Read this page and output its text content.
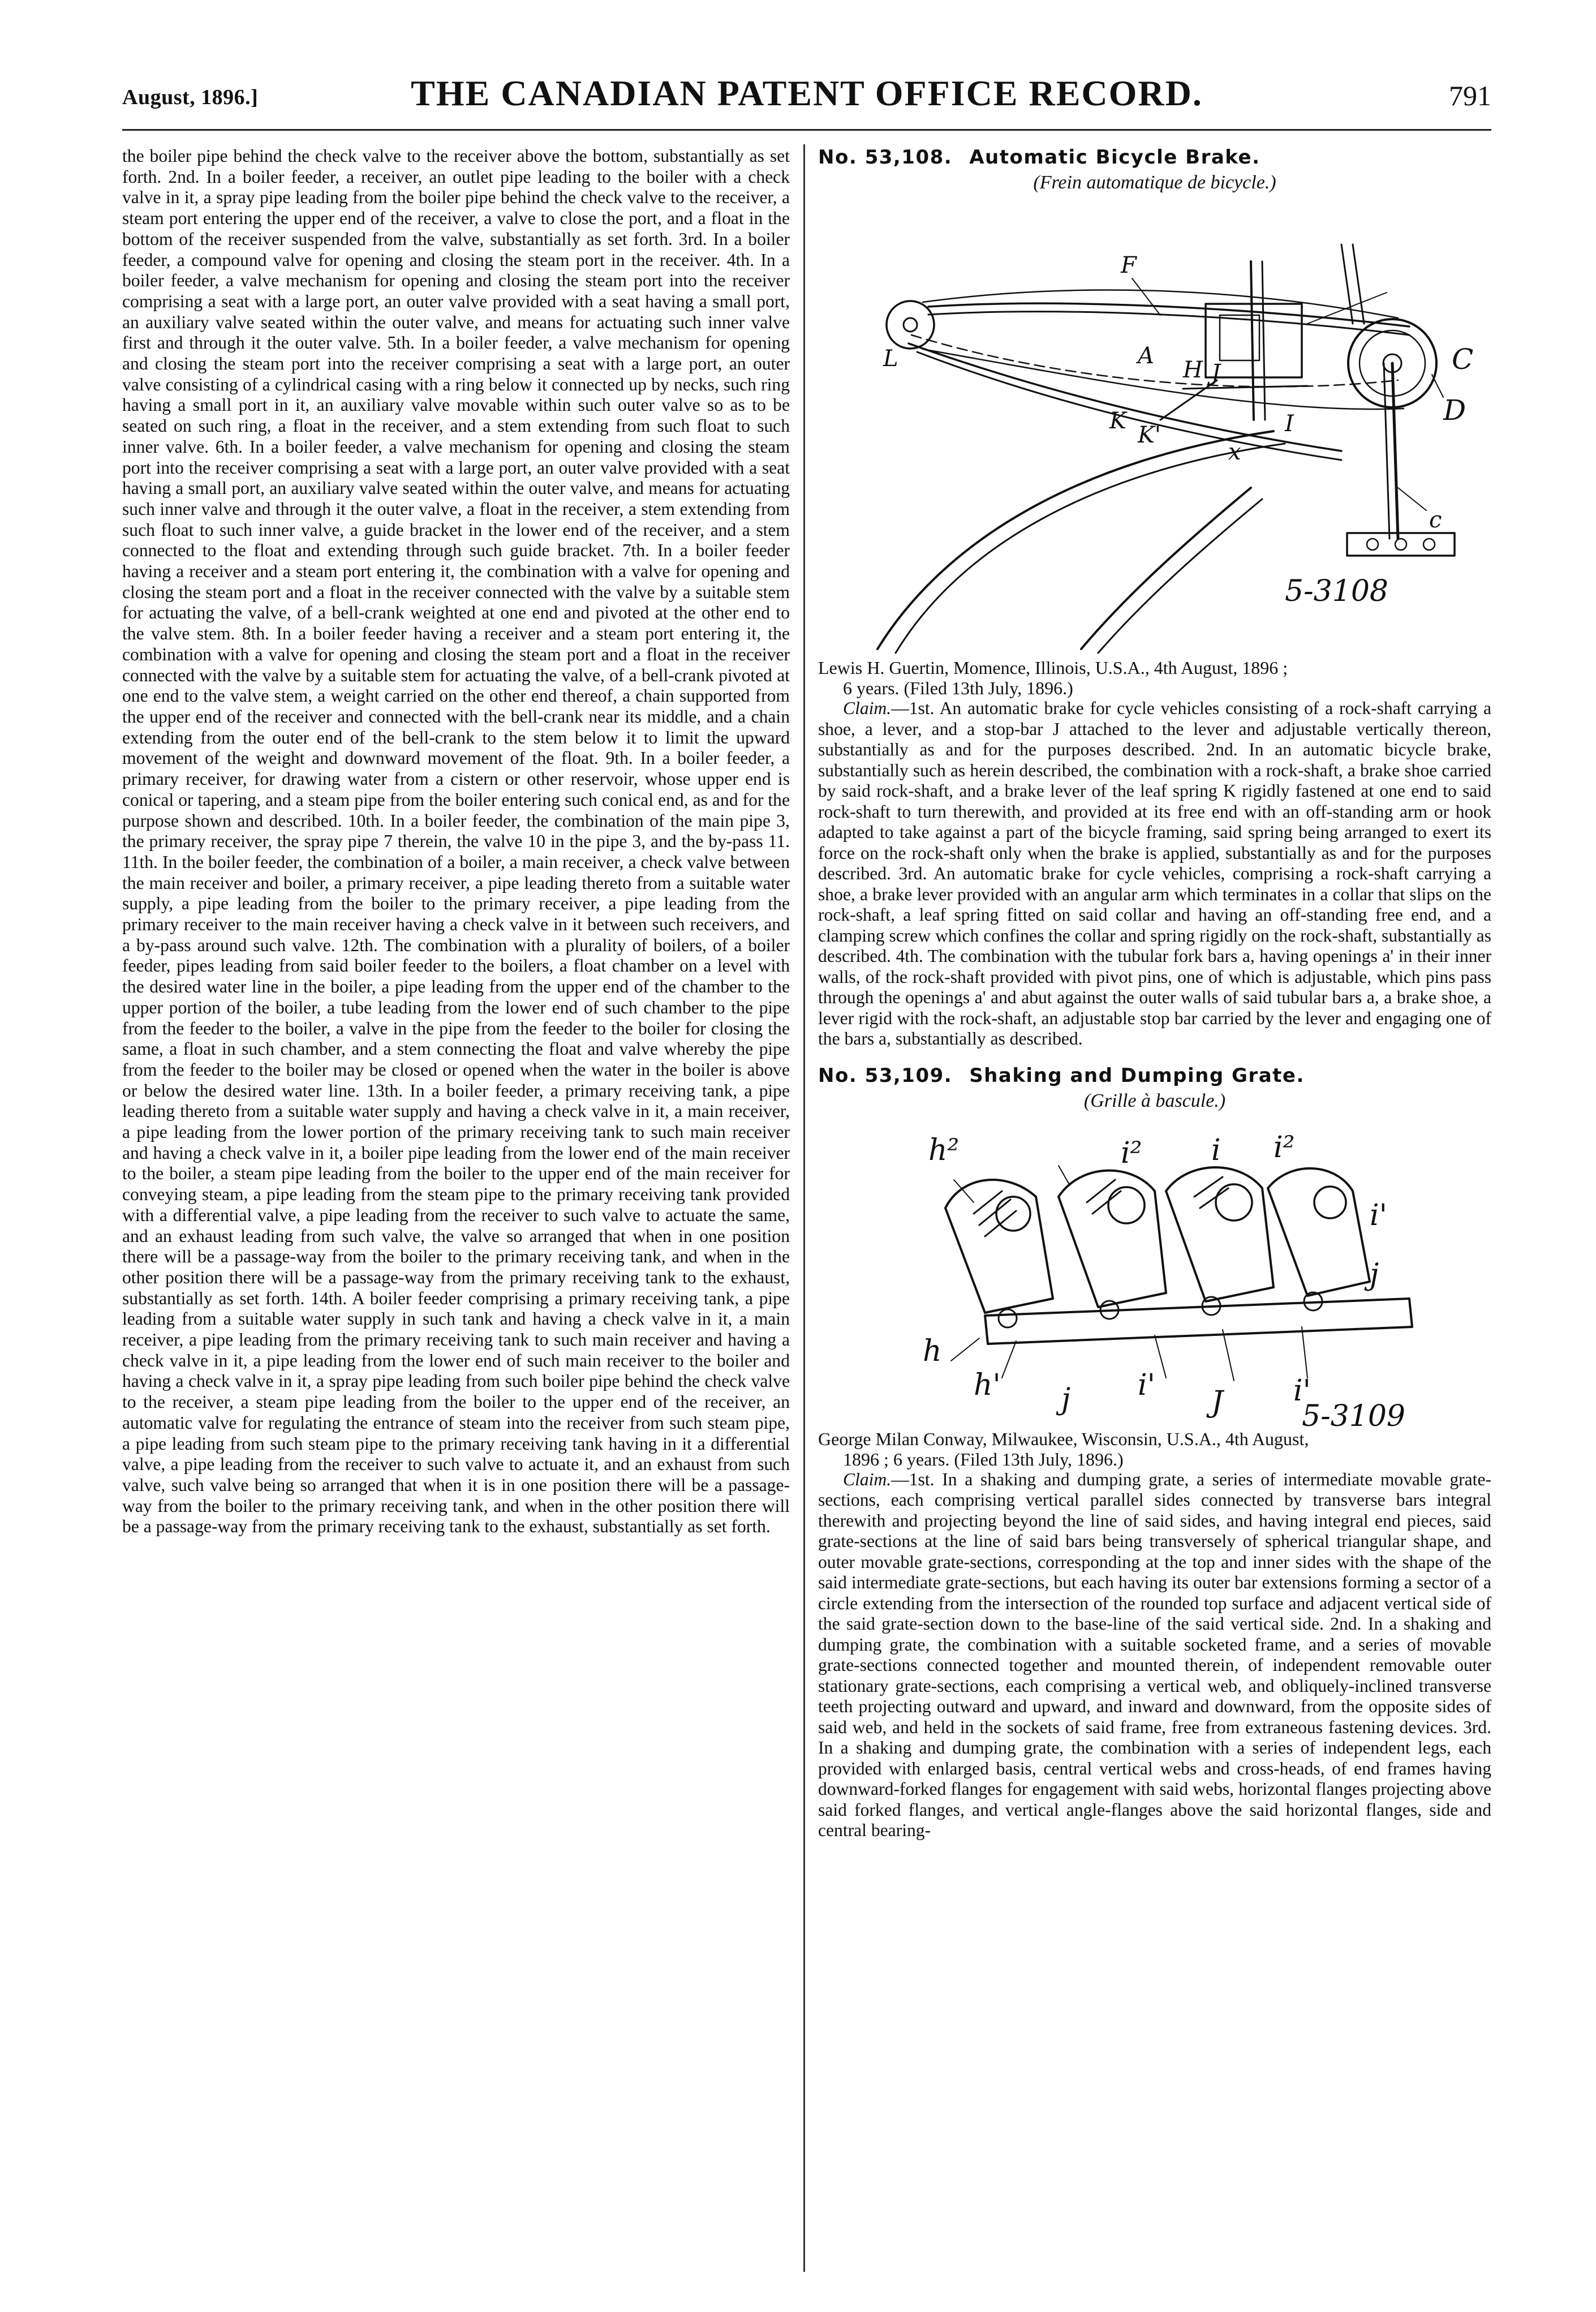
August, 1896.]	THE CANADIAN PATENT OFFICE RECORD.	791

the boiler pipe behind the check valve to the receiver above the bottom, substantially as set forth. 2nd. In a boiler feeder, a receiver, an outlet pipe leading to the boiler with a check valve in it, a spray pipe leading from the boiler pipe behind the check valve to the receiver, a steam port entering the upper end of the receiver, a valve to close the port, and a float in the bottom of the receiver suspended from the valve, substantially as set forth. 3rd. In a boiler feeder, a compound valve for opening and closing the steam port in the receiver. 4th. In a boiler feeder, a valve mechanism for opening and closing the steam port into the receiver comprising a seat with a large port, an outer valve provided with a seat having a small port, an auxiliary valve seated within the outer valve, and means for actuating such inner valve first and through it the outer valve. 5th. In a boiler feeder, a valve mechanism for opening and closing the steam port into the receiver comprising a seat with a large port, an outer valve consisting of a cylindrical casing with a ring below it connected up by necks, such ring having a small port in it, an auxiliary valve movable within such outer valve so as to be seated on such ring, a float in the receiver, and a stem extending from such float to such inner valve. 6th. In a boiler feeder, a valve mechanism for opening and closing the steam port into the receiver comprising a seat with a large port, an outer valve provided with a seat having a small port, an auxiliary valve seated within the outer valve, and means for actuating such inner valve and through it the outer valve, a float in the receiver, a stem extending from such float to such inner valve, a guide bracket in the lower end of the receiver, and a stem connected to the float and extending through such guide bracket. 7th. In a boiler feeder having a receiver and a steam port entering it, the combination with a valve for opening and closing the steam port and a float in the receiver connected with the valve by a suitable stem for actuating the valve, of a bell-crank weighted at one end and pivoted at the other end to the valve stem. 8th. In a boiler feeder having a receiver and a steam port entering it, the combination with a valve for opening and closing the steam port and a float in the receiver connected with the valve by a suitable stem for actuating the valve, of a bell-crank pivoted at one end to the valve stem, a weight carried on the other end thereof, a chain supported from the upper end of the receiver and connected with the bell-crank near its middle, and a chain extending from the outer end of the bell-crank to the stem below it to limit the upward movement of the weight and downward movement of the float. 9th. In a boiler feeder, a primary receiver, for drawing water from a cistern or other reservoir, whose upper end is conical or tapering, and a steam pipe from the boiler entering such conical end, as and for the purpose shown and described. 10th. In a boiler feeder, the combination of the main pipe 3, the primary receiver, the spray pipe 7 therein, the valve 10 in the pipe 3, and the by-pass 11. 11th. In the boiler feeder, the combination of a boiler, a main receiver, a check valve between the main receiver and boiler, a primary receiver, a pipe leading thereto from a suitable water supply, a pipe leading from the boiler to the primary receiver, a pipe leading from the primary receiver to the main receiver having a check valve in it between such receivers, and a by-pass around such valve. 12th. The combination with a plurality of boilers, of a boiler feeder, pipes leading from said boiler feeder to the boilers, a float chamber on a level with the desired water line in the boiler, a pipe leading from the upper end of the chamber to the upper portion of the boiler, a tube leading from the lower end of such chamber to the pipe from the feeder to the boiler, a valve in the pipe from the feeder to the boiler for closing the same, a float in such chamber, and a stem connecting the float and valve whereby the pipe from the feeder to the boiler may be closed or opened when the water in the boiler is above or below the desired water line. 13th. In a boiler feeder, a primary receiving tank, a pipe leading thereto from a suitable water supply and having a check valve in it, a main receiver, a pipe leading from the lower portion of the primary receiving tank to such main receiver and having a check valve in it, a boiler pipe leading from the lower end of the main receiver to the boiler, a steam pipe leading from the boiler to the upper end of the main receiver for conveying steam, a pipe leading from the steam pipe to the primary receiving tank provided with a differential valve, a pipe leading from the receiver to such valve to actuate the same, and an exhaust leading from such valve, the valve so arranged that when in one position there will be a passage-way from the boiler to the primary receiving tank, and when in the other position there will be a passage-way from the primary receiving tank to the exhaust, substantially as set forth. 14th. A boiler feeder comprising a primary receiving tank, a pipe leading from a suitable water supply in such tank and having a check valve in it, a main receiver, a pipe leading from the primary receiving tank to such main receiver and having a check valve in it, a pipe leading from the lower end of such main receiver to the boiler and having a check valve in it, a spray pipe leading from such boiler pipe behind the check valve to the receiver, a steam pipe leading from the boiler to the upper end of the receiver, an automatic valve for regulating the entrance of steam into the receiver from such steam pipe, a pipe leading from such steam pipe to the primary receiving tank having in it a differential valve, a pipe leading from the receiver to such valve to actuate it, and an exhaust from such valve, such valve being so arranged that when it is in one position there will be a passage-way from the boiler to the primary receiving tank, and when in the other position there will be a passage-way from the primary receiving tank to the exhaust, substantially as set forth.

No. 53,108. Automatic Bicycle Brake.

(Frein automatique de bicycle.)

F
L	A
H J
K
K'	I
x
C
D
c
5-3108

Lewis H. Guertin, Momence, Illinois, U.S.A., 4th August, 1896 ;
6 years. (Filed 13th July, 1896.)

Claim.—1st. An automatic brake for cycle vehicles consisting of a rock-shaft carrying a shoe, a lever, and a stop-bar J attached to the lever and adjustable vertically thereon, substantially as and for the purposes described. 2nd. In an automatic bicycle brake, substantially such as herein described, the combination with a rock-shaft, a brake shoe carried by said rock-shaft, and a brake lever of the leaf spring K rigidly fastened at one end to said rock-shaft to turn therewith, and provided at its free end with an off-standing arm or hook adapted to take against a part of the bicycle framing, said spring being arranged to exert its force on the rock-shaft only when the brake is applied, substantially as and for the purposes described. 3rd. An automatic brake for cycle vehicles, comprising a rock-shaft carrying a shoe, a brake lever provided with an angular arm which terminates in a collar that slips on the rock-shaft, a leaf spring fitted on said collar and having an off-standing free end, and a clamping screw which confines the collar and spring rigidly on the rock-shaft, substantially as described. 4th. The combination with the tubular fork bars a, having openings a' in their inner walls, of the rock-shaft provided with pivot pins, one of which is adjustable, which pins pass through the openings a' and abut against the outer walls of said tubular bars a, a brake shoe, a lever rigid with the rock-shaft, an adjustable stop bar carried by the lever and engaging one of the bars a, substantially as described.

No. 53,109. Shaking and Dumping Grate.

(Grille à bascule.)

h²	i² i i²
i'
j
h
h' j i' J i'
5-3109

George Milan Conway, Milwaukee, Wisconsin, U.S.A., 4th August,
1896 ; 6 years. (Filed 13th July, 1896.)

Claim.—1st. In a shaking and dumping grate, a series of intermediate movable grate-sections, each comprising vertical parallel sides connected by transverse bars integral therewith and projecting beyond the line of said sides, and having integral end pieces, said grate-sections at the line of said bars being transversely of spherical triangular shape, and outer movable grate-sections, corresponding at the top and inner sides with the shape of the said intermediate grate-sections, but each having its outer bar extensions forming a sector of a circle extending from the intersection of the rounded top surface and adjacent vertical side of the said grate-section down to the base-line of the said vertical side. 2nd. In a shaking and dumping grate, the combination with a suitable socketed frame, and a series of movable grate-sections connected together and mounted therein, of independent removable outer stationary grate-sections, each comprising a vertical web, and obliquely-inclined transverse teeth projecting outward and upward, and inward and downward, from the opposite sides of said web, and held in the sockets of said frame, free from extraneous fastening devices. 3rd. In a shaking and dumping grate, the combination with a series of independent legs, each provided with enlarged basis, central vertical webs and cross-heads, of end frames having downward-forked flanges for engagement with said webs, horizontal flanges projecting above said forked flanges, and vertical angle-flanges above the said horizontal flanges, side and central bearing-
